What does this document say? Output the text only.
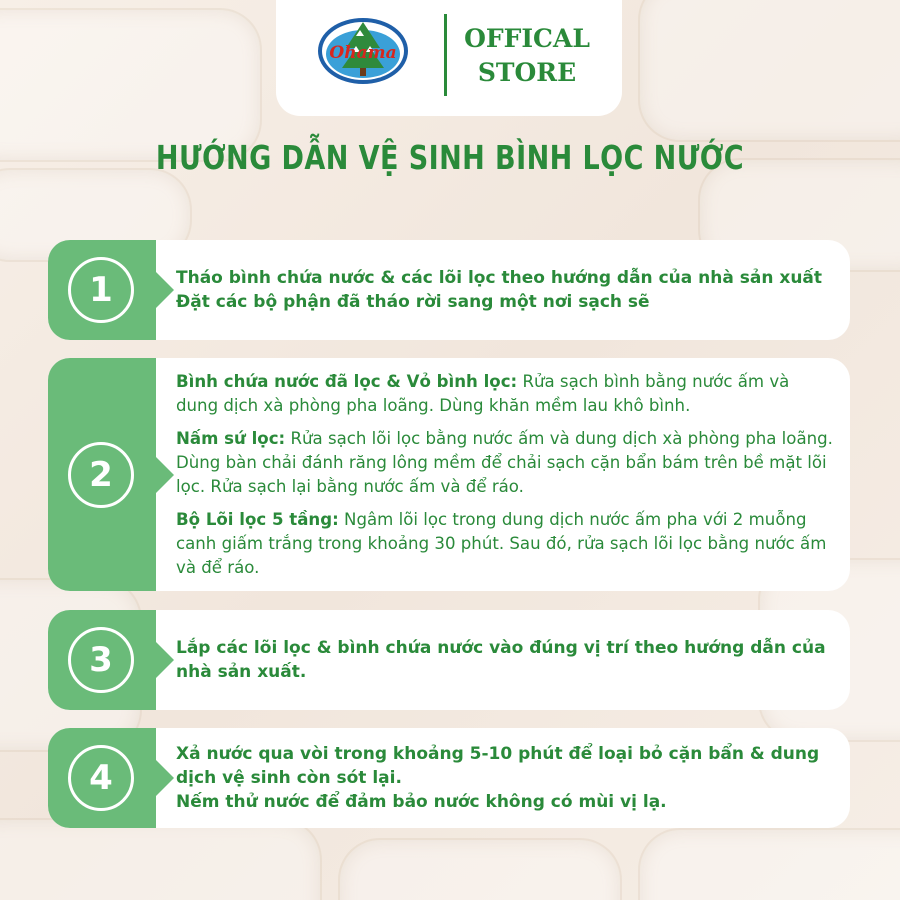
Ohama	OFFICAL
STORE
HƯỚNG DẪN VỆ SINH BÌNH LỌC NƯỚC
1	Tháo bình chứa nước & các lõi lọc theo hướng dẫn của nhà sản xuất
Đặt các bộ phận đã tháo rời sang một nơi sạch sẽ
2
Bình chứa nước đã lọc & Vỏ bình lọc: Rửa sạch bình bằng nước ấm và dung dịch xà phòng pha loãng. Dùng khăn mềm lau khô bình.
Nấm sứ lọc: Rửa sạch lõi lọc bằng nước ấm và dung dịch xà phòng pha loãng. Dùng bàn chải đánh răng lông mềm để chải sạch cặn bẩn bám trên bề mặt lõi lọc. Rửa sạch lại bằng nước ấm và để ráo.
Bộ Lõi lọc 5 tầng: Ngâm lõi lọc trong dung dịch nước ấm pha với 2 muỗng canh giấm trắng trong khoảng 30 phút. Sau đó, rửa sạch lõi lọc bằng nước ấm và để ráo.
3	Lắp các lõi lọc & bình chứa nước vào đúng vị trí theo hướng dẫn của
nhà sản xuất.
4
Xả nước qua vòi trong khoảng 5-10 phút để loại bỏ cặn bẩn & dung
dịch vệ sinh còn sót lại.
Nếm thử nước để đảm bảo nước không có mùi vị lạ.
